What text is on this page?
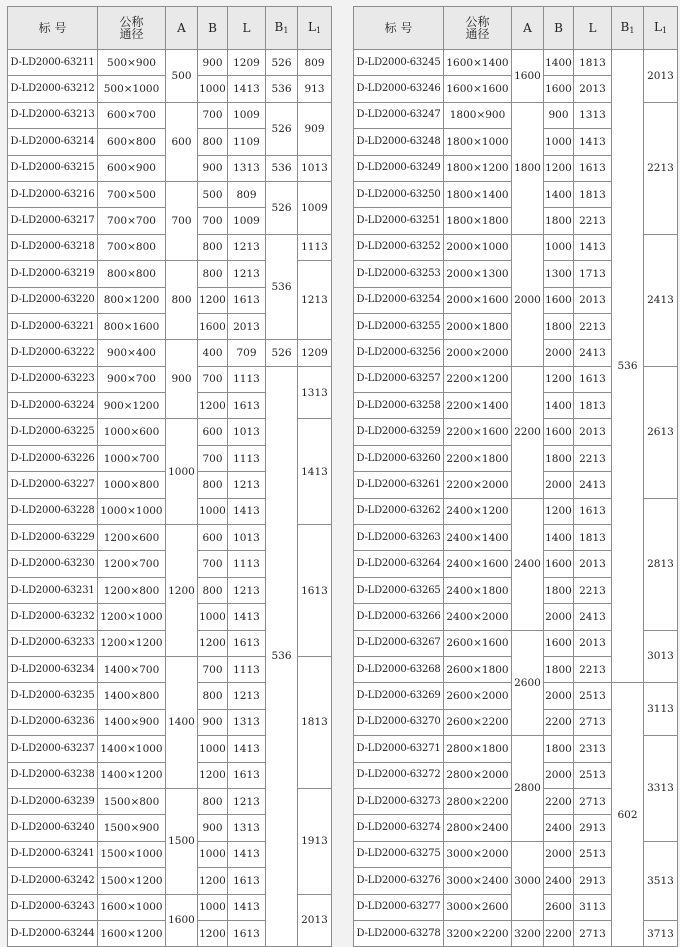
标 号	公称
通径	A	B	L	$B_1$	$L_1$
D-LD2000-63211	500×900	500	900	1209	526	809
D-LD2000-63212	500×1000		1000	1413	536	913
D-LD2000-63213	600×700	600	700	1009	526	909
D-LD2000-63214	600×800		800	1109		
D-LD2000-63215	600×900		900	1313	536	1013
D-LD2000-63216	700×500	700	500	809	526	1009
D-LD2000-63217	700×700		700	1009		
D-LD2000-63218	700×800		800	1213	536	1113
D-LD2000-63219	800×800	800	800	1213		1213
D-LD2000-63220	800×1200		1200	1613		
D-LD2000-63221	800×1600		1600	2013		
D-LD2000-63222	900×400	900	400	709	526	1209
D-LD2000-63223	900×700		700	1113	536	1313
D-LD2000-63224	900×1200		1200	1613		
D-LD2000-63225	1000×600	1000	600	1013		1413
D-LD2000-63226	1000×700		700	1113		
D-LD2000-63227	1000×800		800	1213		
D-LD2000-63228	1000×1000		1000	1413		
D-LD2000-63229	1200×600	1200	600	1013		1613
D-LD2000-63230	1200×700		700	1113		
D-LD2000-63231	1200×800		800	1213		
D-LD2000-63232	1200×1000		1000	1413		
D-LD2000-63233	1200×1200		1200	1613		
D-LD2000-63234	1400×700	1400	700	1113		1813
D-LD2000-63235	1400×800		800	1213		
D-LD2000-63236	1400×900		900	1313		
D-LD2000-63237	1400×1000		1000	1413		
D-LD2000-63238	1400×1200		1200	1613		
D-LD2000-63239	1500×800	1500	800	1213		1913
D-LD2000-63240	1500×900		900	1313		
D-LD2000-63241	1500×1000		1000	1413		
D-LD2000-63242	1500×1200		1200	1613		
D-LD2000-63243	1600×1000	1600	1000	1413		2013
D-LD2000-63244	1600×1200		1200	1613		
标 号	公称
通径	A	B	L	$B_1$	$L_1$
D-LD2000-63245	1600×1400	1600	1400	1813	536	2013
D-LD2000-63246	1600×1600		1600	2013		
D-LD2000-63247	1800×900	1800	900	1313		2213
D-LD2000-63248	1800×1000		1000	1413		
D-LD2000-63249	1800×1200		1200	1613		
D-LD2000-63250	1800×1400		1400	1813		
D-LD2000-63251	1800×1800		1800	2213		
D-LD2000-63252	2000×1000	2000	1000	1413		2413
D-LD2000-63253	2000×1300		1300	1713		
D-LD2000-63254	2000×1600		1600	2013		
D-LD2000-63255	2000×1800		1800	2213		
D-LD2000-63256	2000×2000		2000	2413		
D-LD2000-63257	2200×1200	2200	1200	1613		2613
D-LD2000-63258	2200×1400		1400	1813		
D-LD2000-63259	2200×1600		1600	2013		
D-LD2000-63260	2200×1800		1800	2213		
D-LD2000-63261	2200×2000		2000	2413		
D-LD2000-63262	2400×1200	2400	1200	1613		2813
D-LD2000-63263	2400×1400		1400	1813		
D-LD2000-63264	2400×1600		1600	2013		
D-LD2000-63265	2400×1800		1800	2213		
D-LD2000-63266	2400×2000		2000	2413		
D-LD2000-63267	2600×1600	2600	1600	2013		3013
D-LD2000-63268	2600×1800		1800	2213		
D-LD2000-63269	2600×2000		2000	2513	602	3113
D-LD2000-63270	2600×2200		2200	2713		
D-LD2000-63271	2800×1800	2800	1800	2313		3313
D-LD2000-63272	2800×2000		2000	2513		
D-LD2000-63273	2800×2200		2200	2713		
D-LD2000-63274	2800×2400		2400	2913		
D-LD2000-63275	3000×2000	3000	2000	2513		3513
D-LD2000-63276	3000×2400		2400	2913		
D-LD2000-63277	3000×2600		2600	3113		
D-LD2000-63278	3200×2200	3200	2200	2713		3713
